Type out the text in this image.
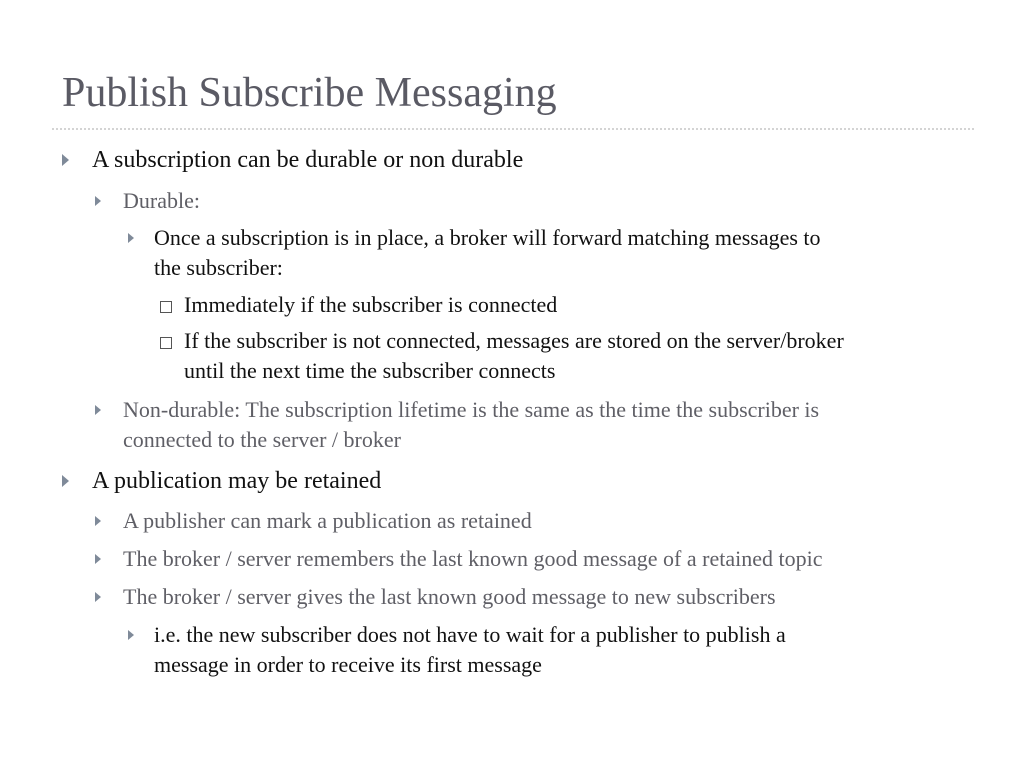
Publish Subscribe Messaging
A subscription can be durable or non durable
Durable:
Once a subscription is in place, a broker will forward matching messages to
the subscriber:
Immediately if the subscriber is connected
If the subscriber is not connected, messages are stored on the server/broker
until the next time the subscriber connects
Non-durable: The subscription lifetime is the same as the time the subscriber is
connected to the server / broker
A publication may be retained
A publisher can mark a publication as retained
The broker / server remembers the last known good message of a retained topic
The broker / server gives the last known good message to new subscribers
i.e. the new subscriber does not have to wait for a publisher to publish a
message in order to receive its first message
